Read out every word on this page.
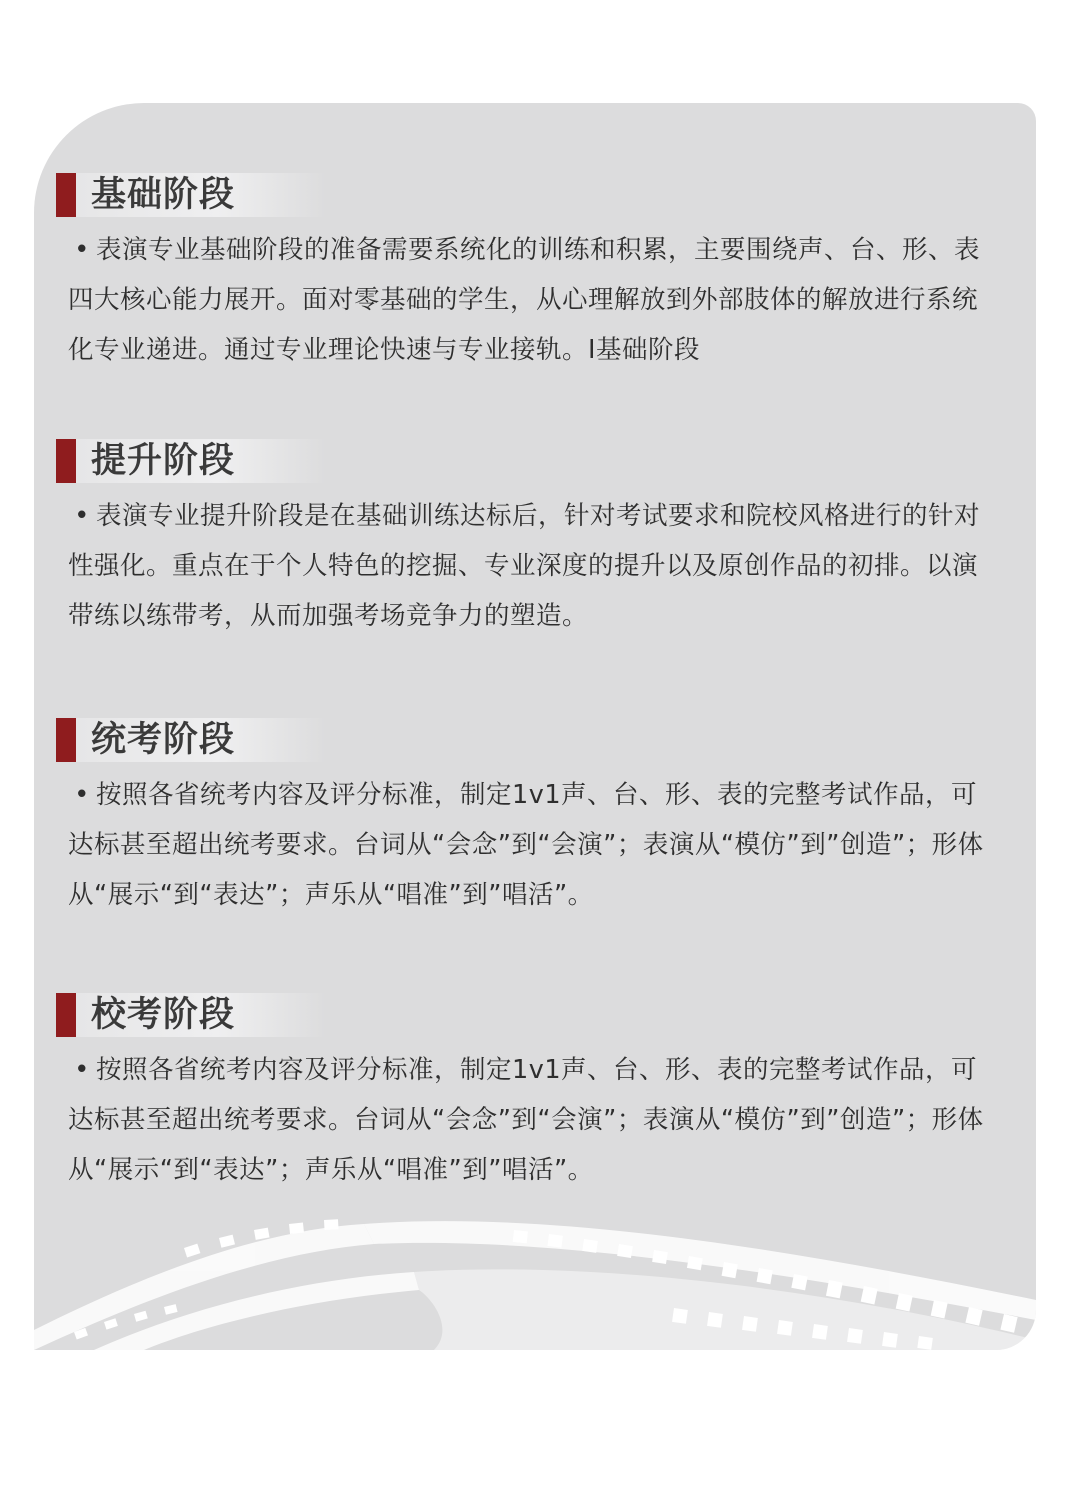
基础阶段
• 表演专业基础阶段的准备需要系统化的训练和积累，主要围绕声、台、形、表四大核心能力展开。面对零基础的学生，从心理解放到外部肢体的解放进行系统化专业递进。通过专业理论快速与专业接轨。I基础阶段
提升阶段
• 表演专业提升阶段是在基础训练达标后，针对考试要求和院校风格进行的针对性强化。重点在于个人特色的挖掘、专业深度的提升以及原创作品的初排。以演带练以练带考，从而加强考场竞争力的塑造。
统考阶段
• 按照各省统考内容及评分标准，制定1v1声、台、形、表的完整考试作品，可达标甚至超出统考要求。台词从“会念”到“会演”；表演从“模仿”到”创造”；形体从“展示“到“表达”；声乐从“唱准”到”唱活”。
校考阶段
• 按照各省统考内容及评分标准，制定1v1声、台、形、表的完整考试作品，可达标甚至超出统考要求。台词从“会念”到“会演”；表演从“模仿”到”创造”；形体从“展示“到“表达”；声乐从“唱准”到”唱活”。
